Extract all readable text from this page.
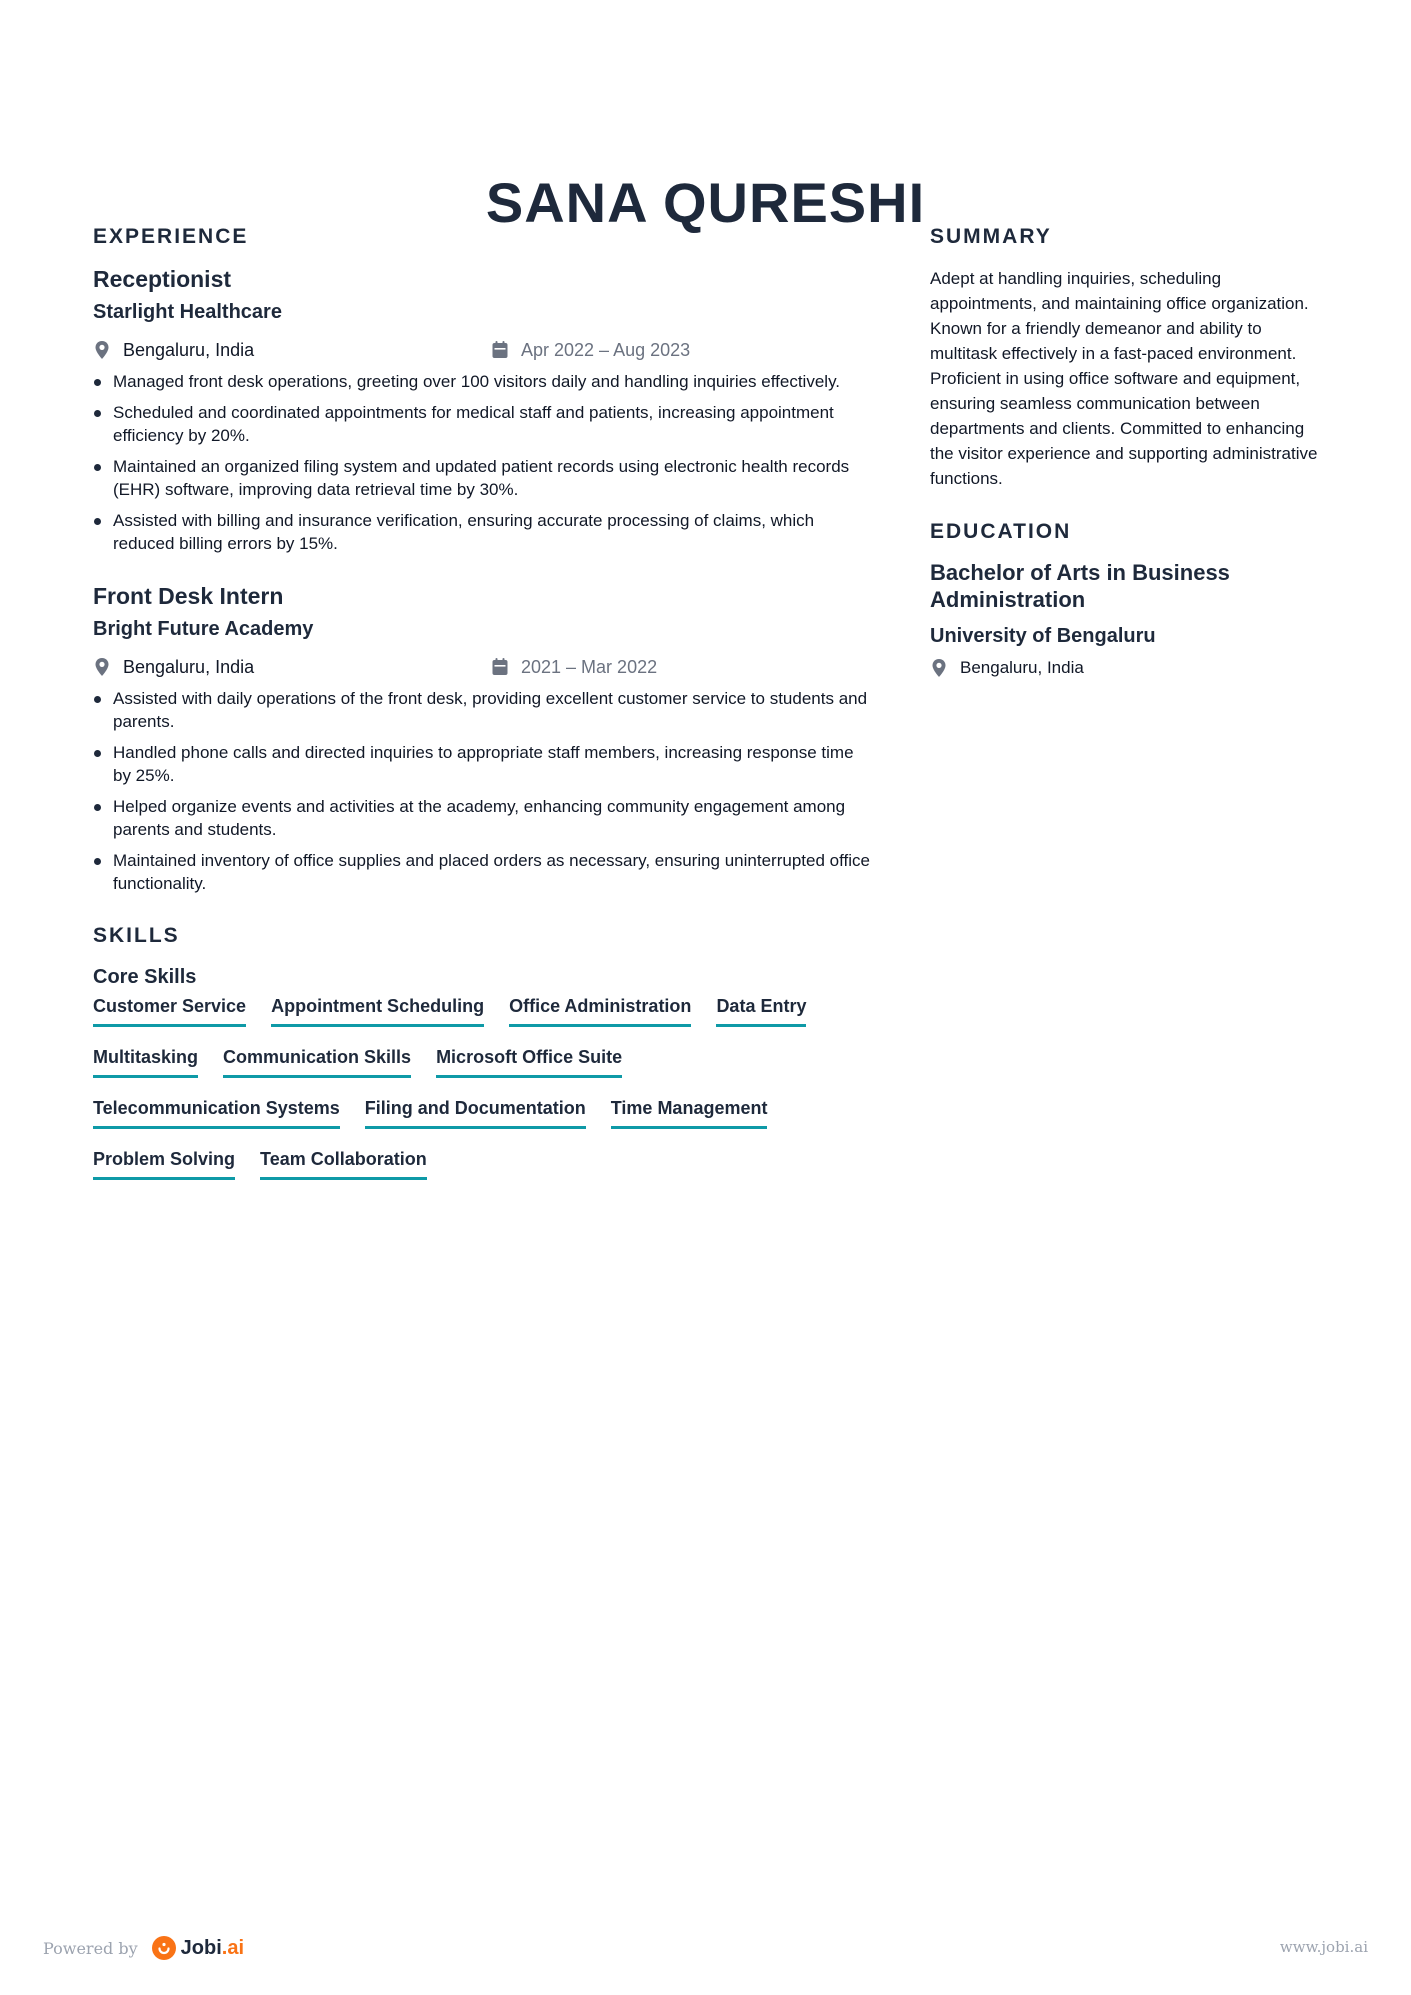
SANA QURESHI
EXPERIENCE
Receptionist
Starlight Healthcare
Bengaluru, India	Apr 2022 – Aug 2023
Managed front desk operations, greeting over 100 visitors daily and handling inquiries effectively.
Scheduled and coordinated appointments for medical staff and patients, increasing appointment efficiency by 20%.
Maintained an organized filing system and updated patient records using electronic health records (EHR) software, improving data retrieval time by 30%.
Assisted with billing and insurance verification, ensuring accurate processing of claims, which reduced billing errors by 15%.
Front Desk Intern
Bright Future Academy
Bengaluru, India	2021 – Mar 2022
Assisted with daily operations of the front desk, providing excellent customer service to students and parents.
Handled phone calls and directed inquiries to appropriate staff members, increasing response time by 25%.
Helped organize events and activities at the academy, enhancing community engagement among parents and students.
Maintained inventory of office supplies and placed orders as necessary, ensuring uninterrupted office functionality.
SKILLS
Core Skills
Customer Service Appointment Scheduling Office Administration Data Entry
Multitasking Communication Skills Microsoft Office Suite
Telecommunication Systems Filing and Documentation Time Management
Problem Solving Team Collaboration
SUMMARY
Adept at handling inquiries, scheduling appointments, and maintaining office organization. Known for a friendly demeanor and ability to multitask effectively in a fast-paced environment. Proficient in using office software and equipment, ensuring seamless communication between departments and clients. Committed to enhancing the visitor experience and supporting administrative functions.
EDUCATION
Bachelor of Arts in Business Administration
University of Bengaluru
Bengaluru, India
Powered by Jobi .ai	www.jobi.ai
